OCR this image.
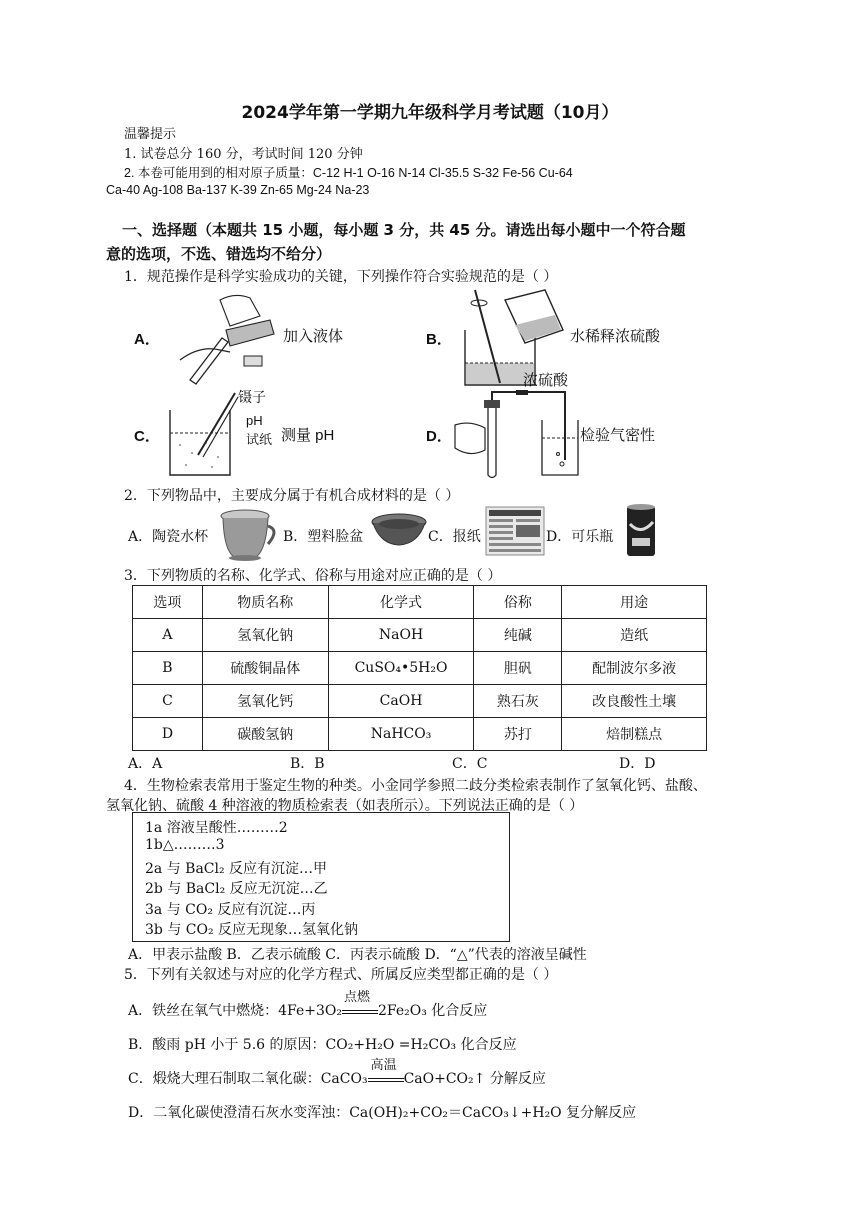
2024学年第一学期九年级科学月考试题（10月）
温馨提示
1. 试卷总分 160 分，考试时间 120 分钟
2. 本卷可能用到的相对原子质量：C-12 H-1 O-16 N-14 Cl-35.5 S-32 Fe-56 Cu-64
Ca-40 Ag-108 Ba-137 K-39 Zn-65 Mg-24 Na-23
一、选择题（本题共 15 小题，每小题 3 分，共 45 分。请选出每小题中一个符合题
意的选项，不选、错选均不给分）
1．规范操作是科学实验成功的关键，下列操作符合实验规范的是（ ）
A．	加入液体	B．	水稀释浓硫酸
浓硫酸
C．
镊子
pH
试纸 测量 pH	D．	检验气密性
2．下列物品中，主要成分属于有机合成材料的是（ ）
A．陶瓷水杯	B．塑料脸盆	C．报纸	D．可乐瓶
3．下列物质的名称、化学式、俗称与用途对应正确的是（ ）
选项	物质名称	化学式	俗称	用途
A	氢氧化钠	NaOH	纯碱	造纸
B	硫酸铜晶体	CuSO₄•5H₂O	胆矾	配制波尔多液
C	氢氧化钙	CaOH	熟石灰	改良酸性土壤
D	碳酸氢钠	NaHCO₃	苏打	焙制糕点
A．A	B．B	C．C	D．D
4．生物检索表常用于鉴定生物的种类。小金同学参照二歧分类检索表制作了氢氧化钙、盐酸、
氢氧化钠、硫酸 4 种溶液的物质检索表（如表所示）。下列说法正确的是（ ）
1a 溶液呈酸性………2
1b△………3
2a 与 BaCl₂ 反应有沉淀…甲
2b 与 BaCl₂ 反应无沉淀…乙
3a 与 CO₂ 反应有沉淀…丙
3b 与 CO₂ 反应无现象…氢氧化钠
A．甲表示盐酸 B．乙表示硫酸 C．丙表示硫酸 D．“△”代表的溶液呈碱性
5．下列有关叙述与对应的化学方程式、所属反应类型都正确的是（ ）
A．铁丝在氧气中燃烧：4Fe+3O₂
点燃
2Fe₂O₃ 化合反应
B．酸雨 pH 小于 5.6 的原因：CO₂+H₂O =H₂CO₃ 化合反应
C．煅烧大理石制取二氧化碳：CaCO₃
高温
CaO+CO₂↑ 分解反应
D．二氧化碳使澄清石灰水变浑浊：Ca(OH)₂+CO₂＝CaCO₃↓+H₂O 复分解反应
